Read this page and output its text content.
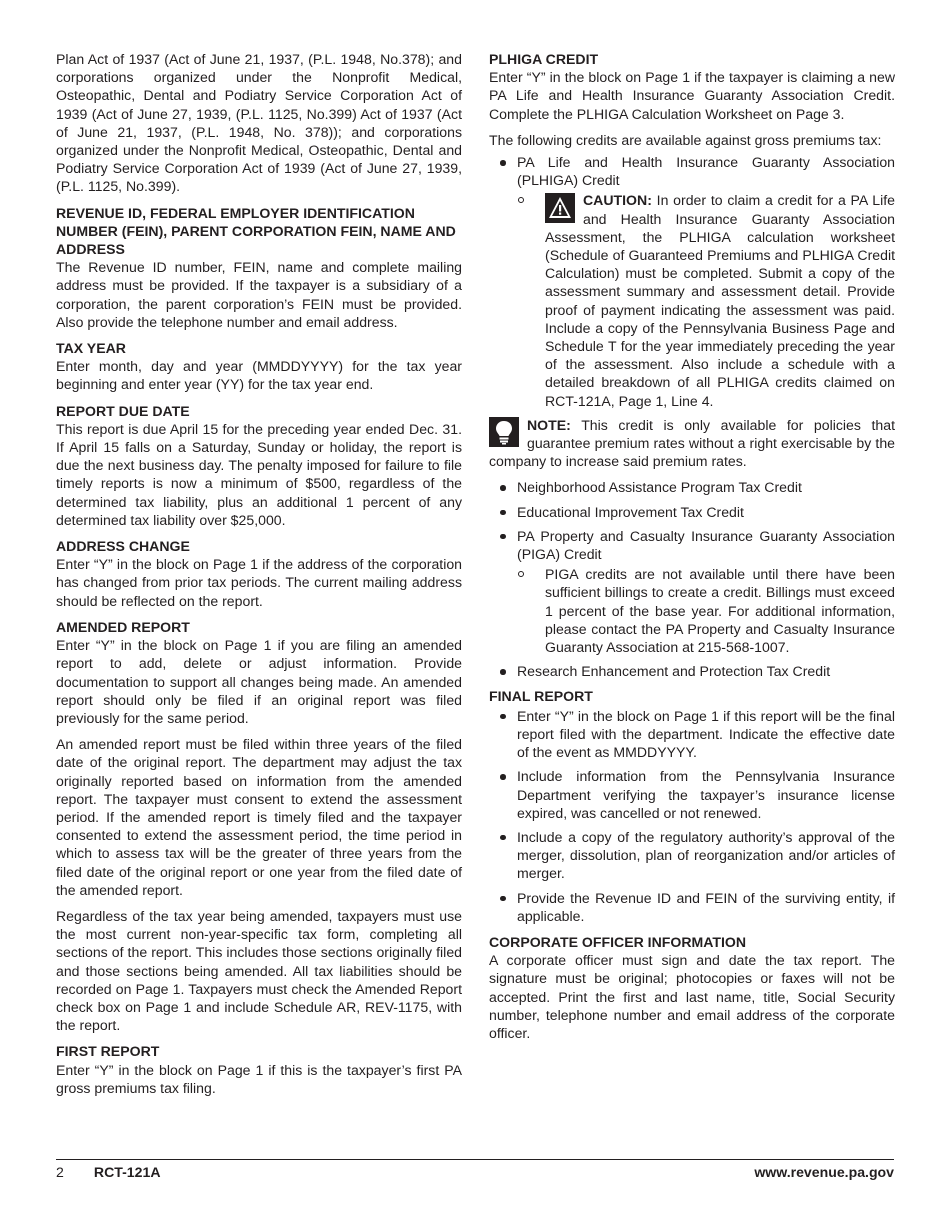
Plan Act of 1937 (Act of June 21, 1937, (P.L. 1948, No.378); and corporations organized under the Nonprofit Medical, Osteopathic, Dental and Podiatry Service Corporation Act of 1939 (Act of June 27, 1939, (P.L. 1125, No.399) Act of 1937 (Act of June 21, 1937, (P.L. 1948, No. 378)); and corporations organized under the Nonprofit Medical, Osteopathic, Dental and Podiatry Service Corporation Act of 1939 (Act of June 27, 1939, (P.L. 1125, No.399).

REVENUE ID, FEDERAL EMPLOYER IDENTIFICATION NUMBER (FEIN), PARENT CORPORATION FEIN, NAME AND ADDRESS

The Revenue ID number, FEIN, name and complete mailing address must be provided. If the taxpayer is a subsidiary of a corporation, the parent corporation’s FEIN must be provided. Also provide the telephone number and email address.

TAX YEAR

Enter month, day and year (MMDDYYYY) for the tax year beginning and enter year (YY) for the tax year end.

REPORT DUE DATE

This report is due April 15 for the preceding year ended Dec. 31. If April 15 falls on a Saturday, Sunday or holiday, the report is due the next business day. The penalty imposed for failure to file timely reports is now a minimum of $500, regardless of the determined tax liability, plus an additional 1 percent of any determined tax liability over $25,000.

ADDRESS CHANGE

Enter “Y” in the block on Page 1 if the address of the corporation has changed from prior tax periods. The current mailing address should be reflected on the report.

AMENDED REPORT

Enter “Y” in the block on Page 1 if you are filing an amended report to add, delete or adjust information. Provide documentation to support all changes being made. An amended report should only be filed if an original report was filed previously for the same period.

An amended report must be filed within three years of the filed date of the original report. The department may adjust the tax originally reported based on information from the amended report. The taxpayer must consent to extend the assessment period. If the amended report is timely filed and the taxpayer consented to extend the assessment period, the time period in which to assess tax will be the greater of three years from the filed date of the original report or one year from the filed date of the amended report.

Regardless of the tax year being amended, taxpayers must use the most current non-year-specific tax form, completing all sections of the report. This includes those sections originally filed and those sections being amended. All tax liabilities should be recorded on Page 1. Taxpayers must check the Amended Report check box on Page 1 and include Schedule AR, REV-1175, with the report.

FIRST REPORT

Enter “Y” in the block on Page 1 if this is the taxpayer’s first PA gross premiums tax filing.

PLHIGA CREDIT

Enter “Y” in the block on Page 1 if the taxpayer is claiming a new PA Life and Health Insurance Guaranty Association Credit. Complete the PLHIGA Calculation Worksheet on Page 3.

The following credits are available against gross premiums tax:

PA Life and Health Insurance Guaranty Association (PLHIGA) Credit
CAUTION: In order to claim a credit for a PA Life and Health Insurance Guaranty Association Assessment, the PLHIGA calculation worksheet (Schedule of Guaranteed Premiums and PLHIGA Credit Calculation) must be completed. Submit a copy of the assessment summary and assessment detail. Provide proof of payment indicating the assessment was paid. Include a copy of the Pennsylvania Business Page and Schedule T for the year immediately preceding the year of the assessment. Also include a schedule with a detailed breakdown of all PLHIGA credits claimed on RCT-121A, Page 1, Line 4.
NOTE: This credit is only available for policies that guarantee premium rates without a right exercisable by the company to increase said premium rates.
Neighborhood Assistance Program Tax Credit
Educational Improvement Tax Credit
PA Property and Casualty Insurance Guaranty Association (PIGA) Credit
PIGA credits are not available until there have been sufficient billings to create a credit. Billings must exceed 1 percent of the base year. For additional information, please contact the PA Property and Casualty Insurance Guaranty Association at 215-568-1007.
Research Enhancement and Protection Tax Credit
FINAL REPORT
Enter “Y” in the block on Page 1 if this report will be the final report filed with the department. Indicate the effective date of the event as MMDDYYYY.
Include information from the Pennsylvania Insurance Department verifying the taxpayer’s insurance license expired, was cancelled or not renewed.
Include a copy of the regulatory authority’s approval of the merger, dissolution, plan of reorganization and/or articles of merger.
Provide the Revenue ID and FEIN of the surviving entity, if applicable.
CORPORATE OFFICER INFORMATION

A corporate officer must sign and date the tax report. The signature must be original; photocopies or faxes will not be accepted. Print the first and last name, title, Social Security number, telephone number and email address of the corporate officer.

2 RCT-121A	www.revenue.pa.gov
